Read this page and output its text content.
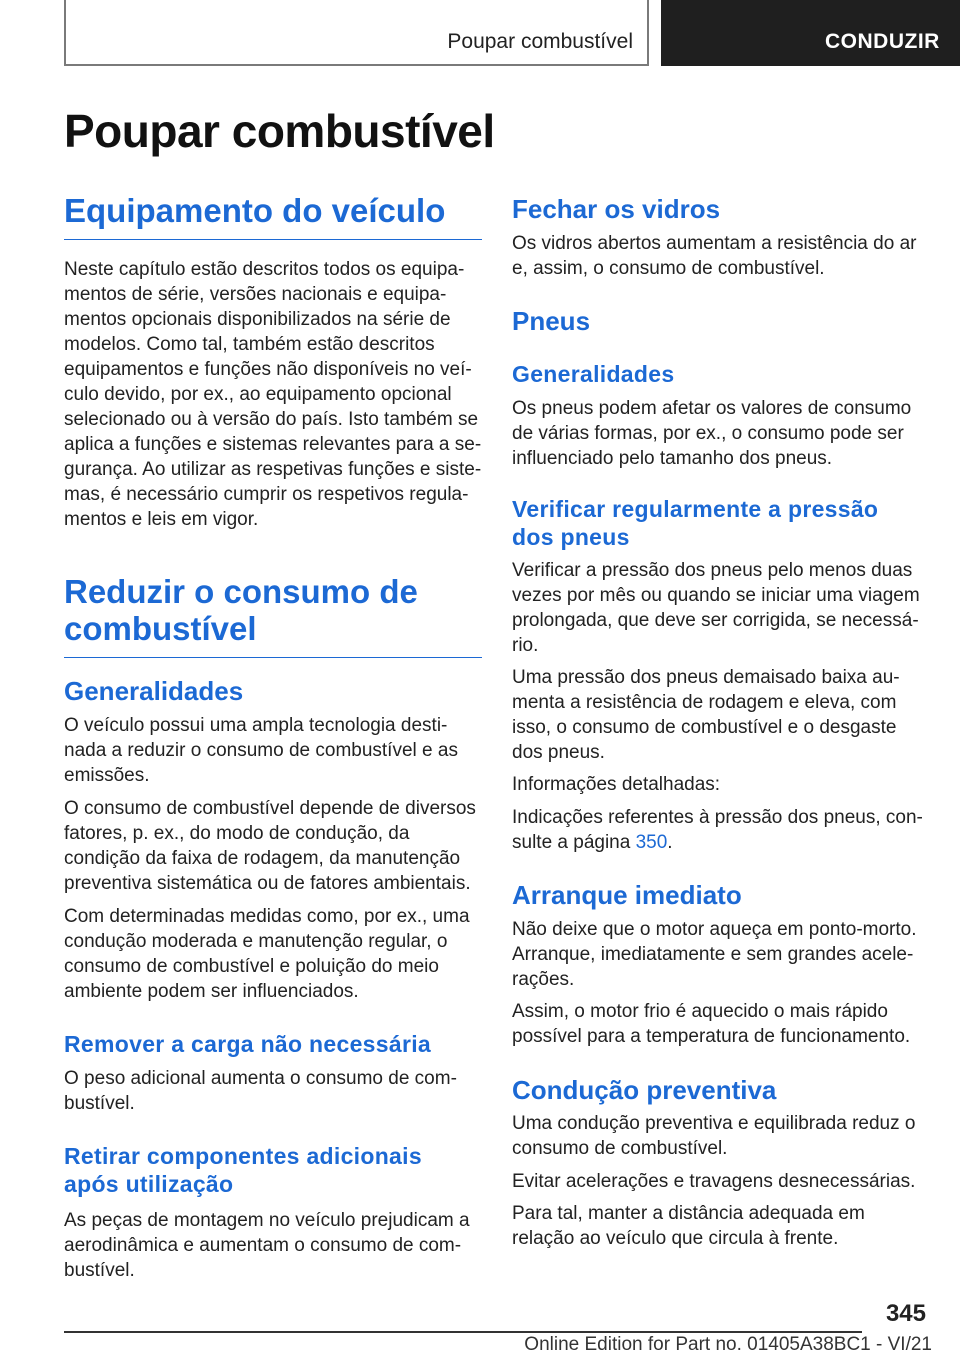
Poupar combustível	CONDUZIR
Poupar combustível
Equipamento do veículo
Neste capítulo estão descritos todos os equipamentos de série, versões nacionais e equipamentos opcionais disponibilizados na série de modelos. Como tal, também estão descritos equipamentos e funções não disponíveis no veículo devido, por ex., ao equipamento opcional selecionado ou à versão do país. Isto também se aplica a funções e sistemas relevantes para a segurança. Ao utilizar as respetivas funções e sistemas, é necessário cumprir os respetivos regulamentos e leis em vigor.
Reduzir o consumo de combustível
Generalidades
O veículo possui uma ampla tecnologia destinada a reduzir o consumo de combustível e as emissões.
O consumo de combustível depende de diversos fatores, p. ex., do modo de condução, da condição da faixa de rodagem, da manutenção preventiva sistemática ou de fatores ambientais.
Com determinadas medidas como, por ex., uma condução moderada e manutenção regular, o consumo de combustível e poluição do meio ambiente podem ser influenciados.
Remover a carga não necessária
O peso adicional aumenta o consumo de combustível.
Retirar componentes adicionais após utilização
As peças de montagem no veículo prejudicam a aerodinâmica e aumentam o consumo de combustível.
Fechar os vidros
Os vidros abertos aumentam a resistência do ar e, assim, o consumo de combustível.
Pneus
Generalidades
Os pneus podem afetar os valores de consumo de várias formas, por ex., o consumo pode ser influenciado pelo tamanho dos pneus.
Verificar regularmente a pressão dos pneus
Verificar a pressão dos pneus pelo menos duas vezes por mês ou quando se iniciar uma viagem prolongada, que deve ser corrigida, se necessário.
Uma pressão dos pneus demaisado baixa aumenta a resistência de rodagem e eleva, com isso, o consumo de combustível e o desgaste dos pneus.
Informações detalhadas:
Indicações referentes à pressão dos pneus, consulte a página 350.
Arranque imediato
Não deixe que o motor aqueça em ponto-morto. Arranque, imediatamente e sem grandes acelerações.
Assim, o motor frio é aquecido o mais rápido possível para a temperatura de funcionamento.
Condução preventiva
Uma condução preventiva e equilibrada reduz o consumo de combustível.
Evitar acelerações e travagens desnecessárias.
Para tal, manter a distância adequada em relação ao veículo que circula à frente.
345
Online Edition for Part no. 01405A38BC1 - VI/21
